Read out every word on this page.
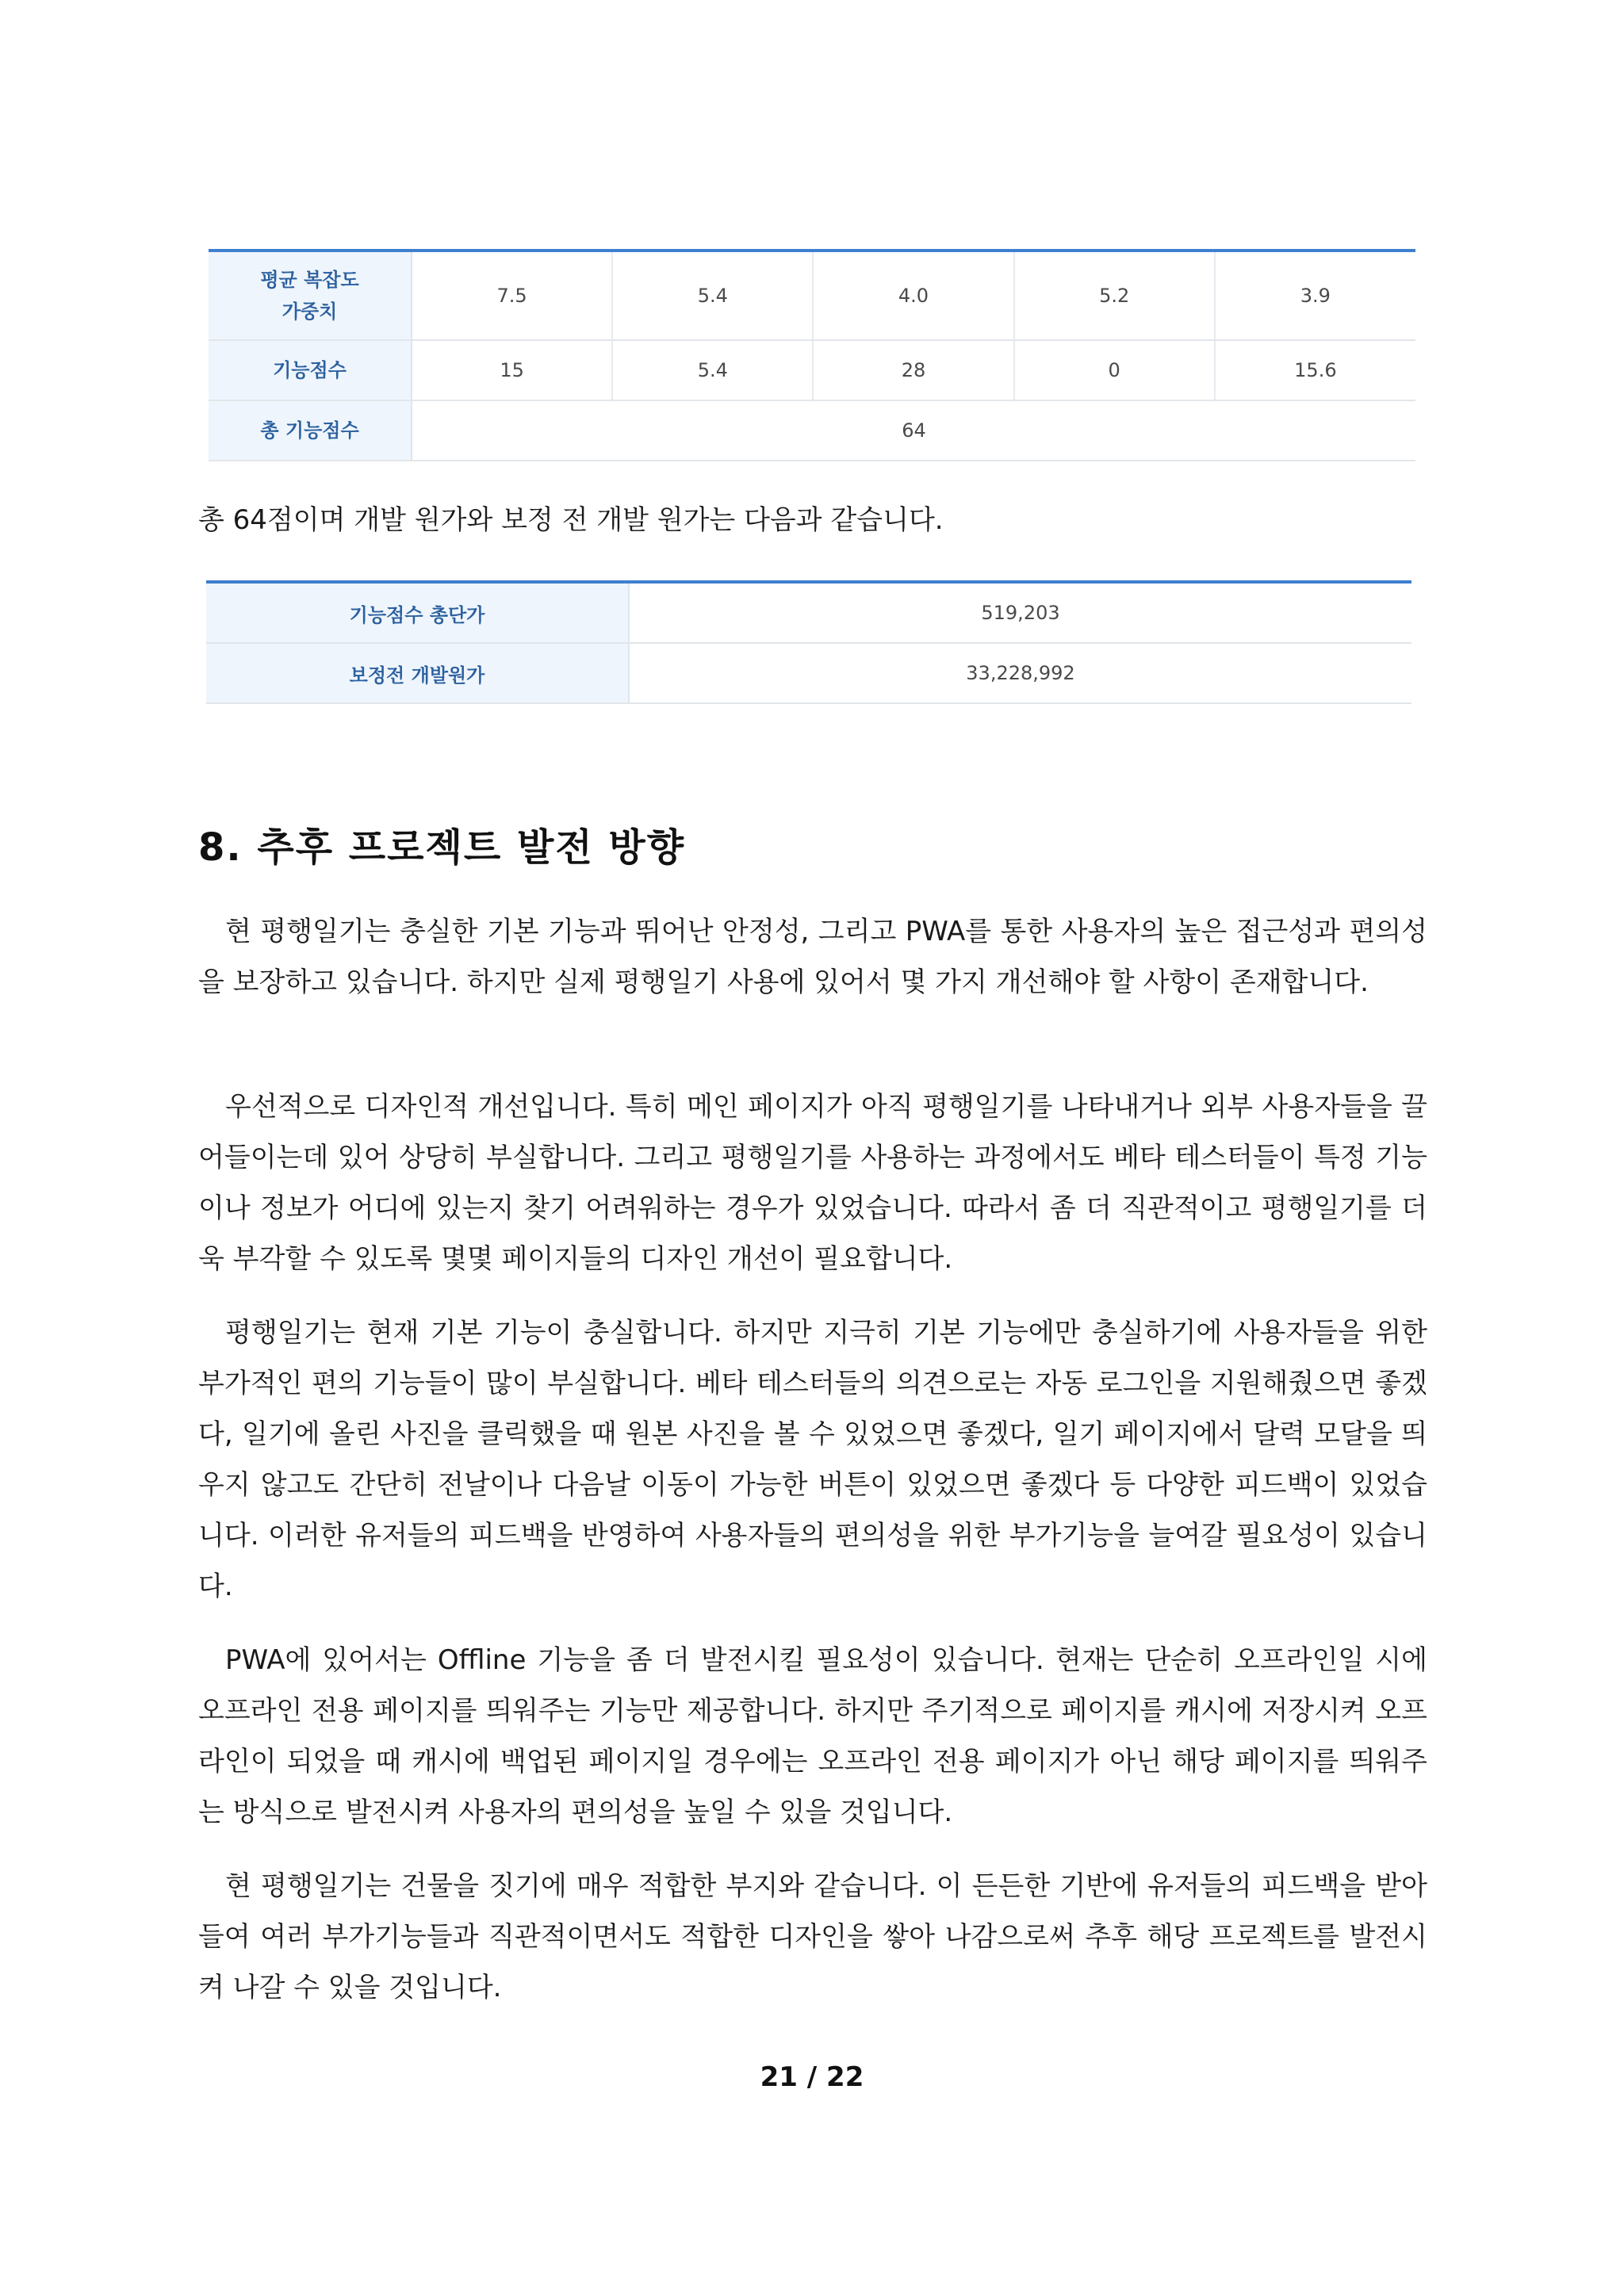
평균 복잡도
가중치	7.5	5.4	4.0	5.2	3.9
기능점수	15	5.4	28	0	15.6
총 기능점수	64				

총 64점이며 개발 원가와 보정 전 개발 원가는 다음과 같습니다.

기능점수 총단가	519,203
보정전 개발원가	33,228,992
8. 추후 프로젝트 발전 방향

현 평행일기는 충실한 기본 기능과 뛰어난 안정성, 그리고 PWA를 통한 사용자의 높은 접근성과 편의성을 보장하고 있습니다. 하지만 실제 평행일기 사용에 있어서 몇 가지 개선해야 할 사항이 존재합니다.

우선적으로 디자인적 개선입니다. 특히 메인 페이지가 아직 평행일기를 나타내거나 외부 사용자들을 끌어들이는데 있어 상당히 부실합니다. 그리고 평행일기를 사용하는 과정에서도 베타 테스터들이 특정 기능이나 정보가 어디에 있는지 찾기 어려워하는 경우가 있었습니다. 따라서 좀 더 직관적이고 평행일기를 더욱 부각할 수 있도록 몇몇 페이지들의 디자인 개선이 필요합니다.

평행일기는 현재 기본 기능이 충실합니다. 하지만 지극히 기본 기능에만 충실하기에 사용자들을 위한 부가적인 편의 기능들이 많이 부실합니다. 베타 테스터들의 의견으로는 자동 로그인을 지원해줬으면 좋겠다, 일기에 올린 사진을 클릭했을 때 원본 사진을 볼 수 있었으면 좋겠다, 일기 페이지에서 달력 모달을 띄우지 않고도 간단히 전날이나 다음날 이동이 가능한 버튼이 있었으면 좋겠다 등 다양한 피드백이 있었습니다. 이러한 유저들의 피드백을 반영하여 사용자들의 편의성을 위한 부가기능을 늘여갈 필요성이 있습니다.

PWA에 있어서는 Offline 기능을 좀 더 발전시킬 필요성이 있습니다. 현재는 단순히 오프라인일 시에 오프라인 전용 페이지를 띄워주는 기능만 제공합니다. 하지만 주기적으로 페이지를 캐시에 저장시켜 오프라인이 되었을 때 캐시에 백업된 페이지일 경우에는 오프라인 전용 페이지가 아닌 해당 페이지를 띄워주는 방식으로 발전시켜 사용자의 편의성을 높일 수 있을 것입니다.

현 평행일기는 건물을 짓기에 매우 적합한 부지와 같습니다. 이 든든한 기반에 유저들의 피드백을 받아들여 여러 부가기능들과 직관적이면서도 적합한 디자인을 쌓아 나감으로써 추후 해당 프로젝트를 발전시켜 나갈 수 있을 것입니다.

21 / 22
